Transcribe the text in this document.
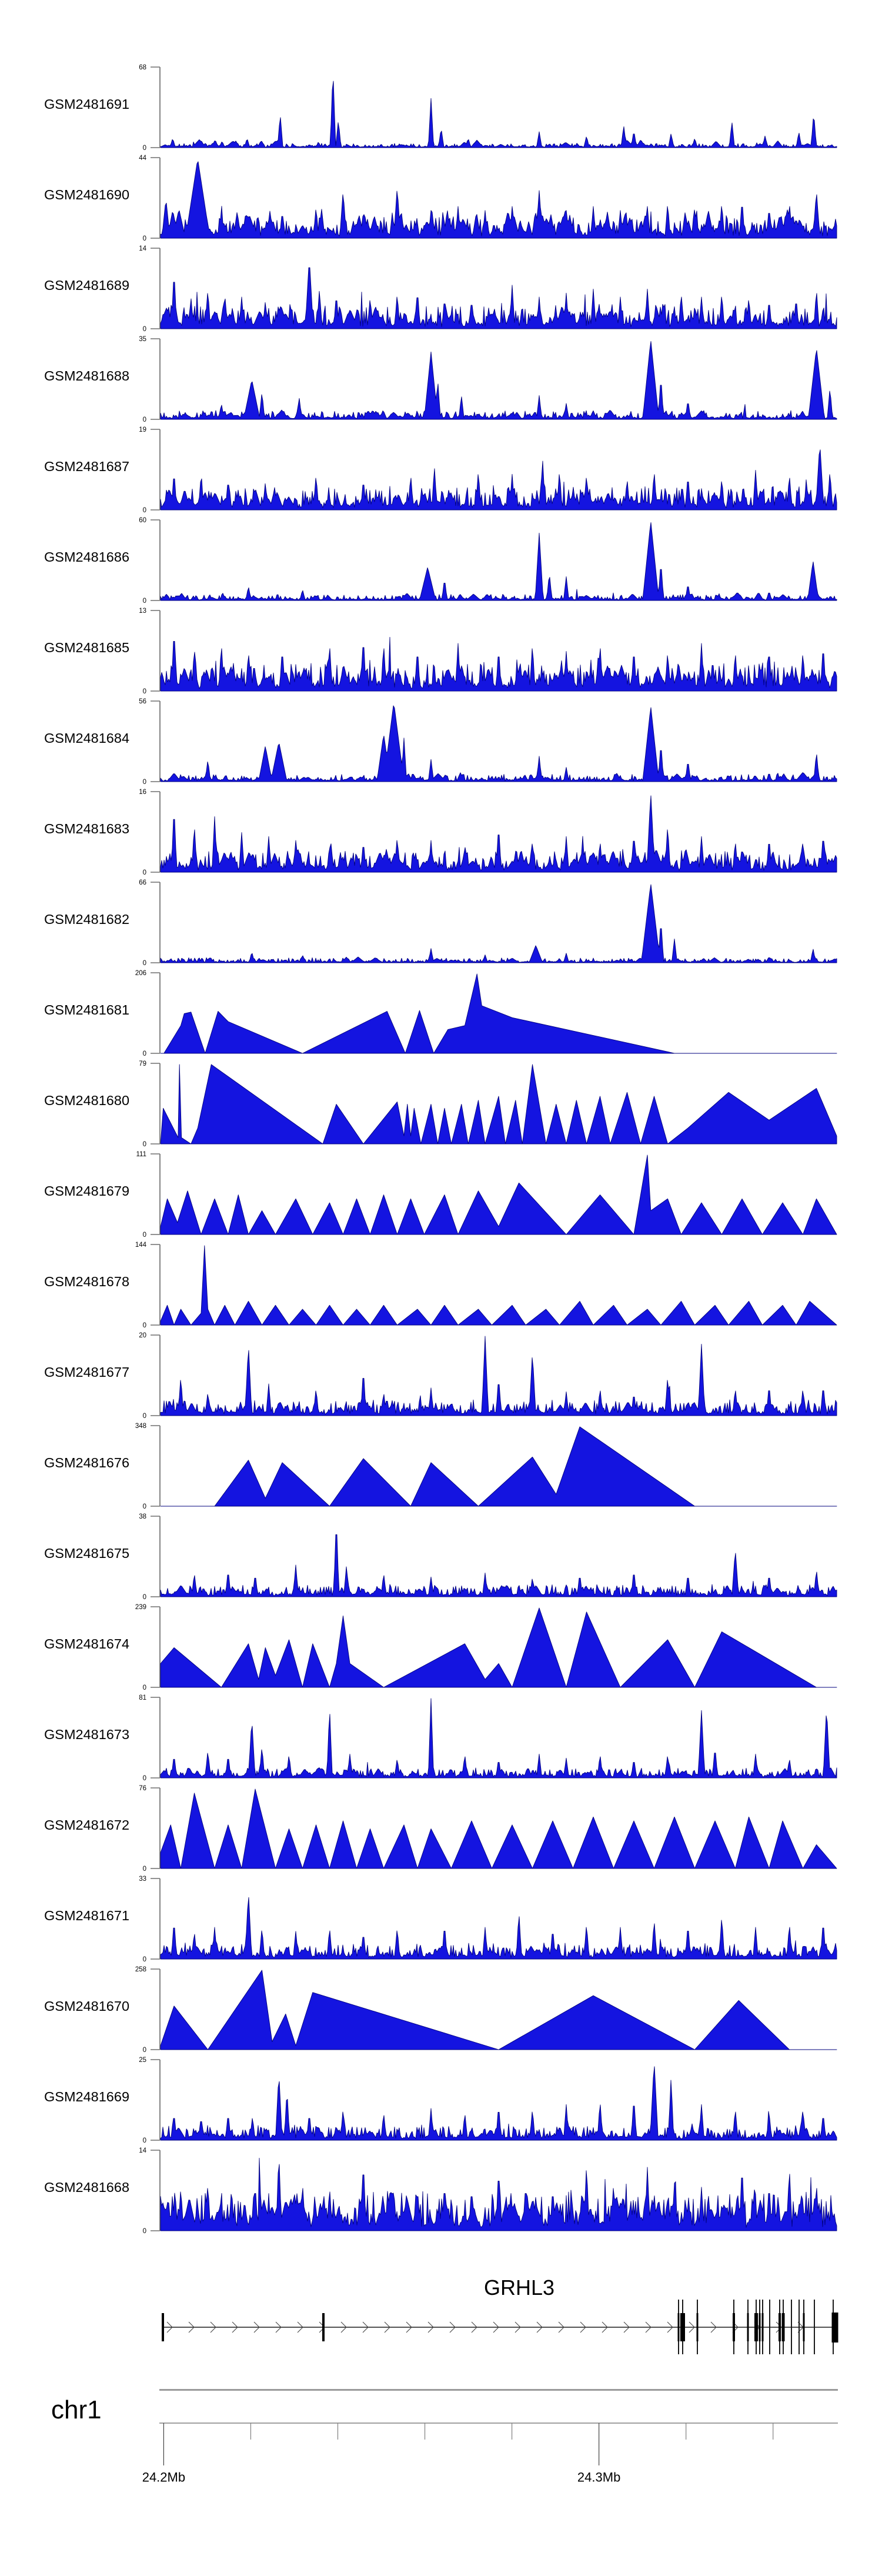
GSM2481691
68
0
GSM2481690
44
0
GSM2481689
14
0
GSM2481688
35
0
GSM2481687
19
0
GSM2481686
60
0
GSM2481685
13
0
GSM2481684
56
0
GSM2481683
16
0
GSM2481682
66
0
GSM2481681
206
0
GSM2481680
79
0
GSM2481679
111
0
GSM2481678
144
0
GSM2481677
20
0
GSM2481676
348
0
GSM2481675
38
0
GSM2481674
239
0
GSM2481673
81
0
GSM2481672
76
0
GSM2481671
33
0
GSM2481670
258
0
GSM2481669
25
0
GSM2481668
14
0
GRHL3
chr1
24.2Mb	24.3Mb
